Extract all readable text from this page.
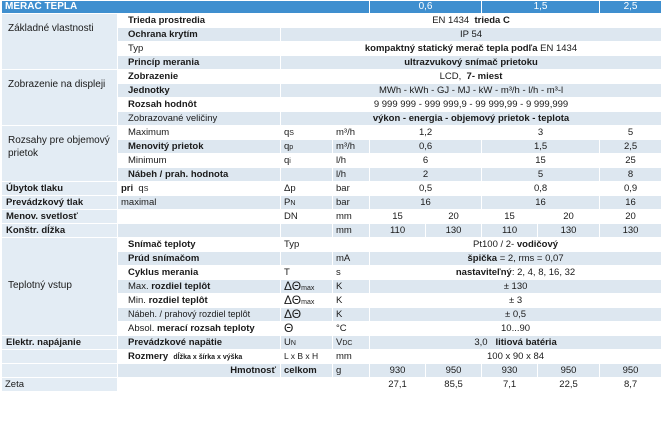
MERAČ TEPLA				0,6		1,5		2,5
Základné vlastnosti	Trieda prostredia	EN 1434 trieda C						
	Ochrana krytím	IP 54						
	Typ	kompaktný statický merač tepla podľa EN 1434						
	Princíp merania	ultrazvukový snímač prietoku						
Zobrazenie na displeji	Zobrazenie	LCD, 7- miest						
	Jednotky	MWh - kWh - GJ - MJ - kW - m³/h - l/h - m³-l						
	Rozsah hodnôt	9 999 999 - 999 999,9 - 99 999,99 - 9 999,999						
	Zobrazované veličiny	výkon - energia - objemový prietok - teplota						
Rozsahy pre objemový prietok	Maximum	qS	m³/h	1,2		3		5
	Menovitý prietok	qp	m³/h	0,6		1,5		2,5
	Minimum	qi	l/h	6		15		25
	Nábeh / prah. hodnota		l/h	2		5		8
Úbytok tlaku	pri qS	Δp	bar	0,5		0,8		0,9
Prevádzkový tlak	maximal	PN	bar	16		16		16
Menov. svetlosť		DN	mm	15	20	15	20	20
Konštr. dĺžka			mm	110	130	110	130	130
Teplotný vstup	Snímač teploty	Typ		Pt100 / 2- vodičový				
	Prúd snímačom		mA	špička = 2, rms = 0,07				
	Cyklus merania	T	s	nastaviteľný: 2, 4, 8, 16, 32				
	Max. rozdiel teplôt	ΔΘmax	K	± 130				
	Min. rozdiel teplôt	ΔΘmax	K	± 3				
	Nábeh. / prahový rozdiel teplôt	ΔΘ	K	± 0,5				
	Absol. merací rozsah teploty	Θ	°C	10...90				
Elektr. napájanie	Prevádzkové napätie	UN	VDC	3,0 litiová batéria				
	Rozmery dĺžka x šírka x výška	L x B x H	mm	100 x 90 x 84				
	Hmotnosť	celkom	g	930	950	930	950	950
Zeta				27,1	85,5	7,1	22,5	8,7
